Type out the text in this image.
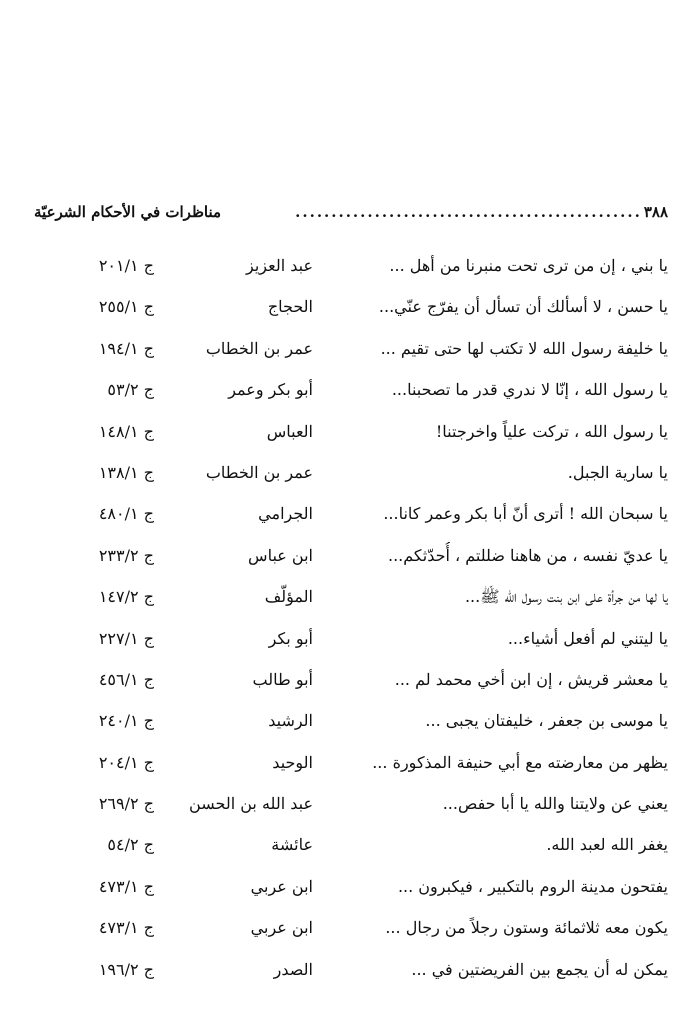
٣٨٨
................................................
مناظرات في الأحكام الشرعيّة
يا بني ، إن من ترى تحت منبرنا من أهل ...
عبد العزيز
ج ٢٠١/١
يا حسن ، لا أسألك أن تسأل أن يفرّج عنّي...
الحجاج
ج ٢٥٥/١
يا خليفة رسول الله لا تكتب لها حتى تقيم ...
عمر بن الخطاب
ج ١٩٤/١
يا رسول الله ، إنّا لا ندري قدر ما تصحبنا...
أبو بكر وعمر
ج ٥٣/٢
يا رسول الله ، تركت علياً واخرجتنا!
العباس
ج ١٤٨/١
يا سارية الجبل.
عمر بن الخطاب
ج ١٣٨/١
يا سبحان الله ! أترى أنّ أبا بكر وعمر كانا...
الجرامي
ج ٤٨٠/١
يا عديّ نفسه ، من هاهنا ضللتم ، أُحدّثكم...
ابن عباس
ج ٢٣٣/٢
يا لها من جرأة على ابن بنت رسول الله ﷺ...
المؤلّف
ج ١٤٧/٢
يا ليتني لم أفعل أشياء...
أبو بكر
ج ٢٢٧/١
يا معشر قريش ، إن ابن أخي محمد لم ...
أبو طالب
ج ٤٥٦/١
يا موسى بن جعفر ، خليفتان يجبى ...
الرشيد
ج ٢٤٠/١
يظهر من معارضته مع أبي حنيفة المذكورة ...
الوحيد
ج ٢٠٤/١
يعني عن ولايتنا والله يا أبا حفص...
عبد الله بن الحسن
ج ٢٦٩/٢
يغفر الله لعبد الله.
عائشة
ج ٥٤/٢
يفتحون مدينة الروم بالتكبير ، فيكبرون ...
ابن عربي
ج ٤٧٣/١
يكون معه ثلاثمائة وستون رجلاً من رجال ...
ابن عربي
ج ٤٧٣/١
يمكن له أن يجمع بين الفريضتين في ...
الصدر
ج ١٩٦/٢
